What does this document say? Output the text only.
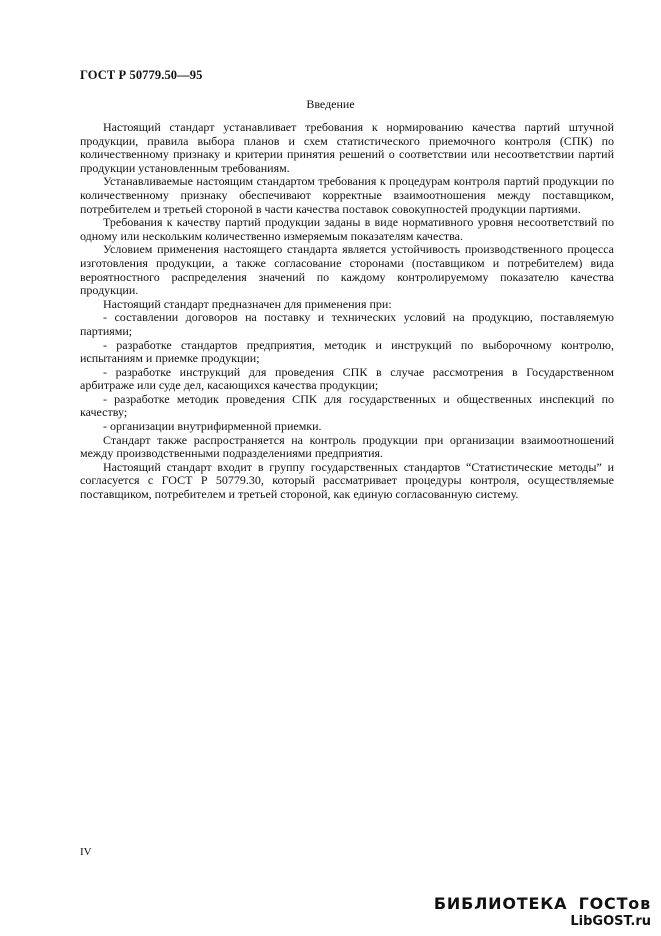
ГОСТ Р 50779.50—95
Введение

Настоящий стандарт устанавливает требования к нормированию качества партий штучной продукции, правила выбора планов и схем статистического приемочного контроля (СПК) по количественному признаку и критерии принятия решений о соответствии или несоответствии партий продукции установленным требованиям.

Устанавливаемые настоящим стандартом требования к процедурам контроля партий продукции по количественному признаку обеспечивают корректные взаимоотношения между поставщиком, потребителем и третьей стороной в части качества поставок совокупностей продукции партиями.

Требования к качеству партий продукции заданы в виде нормативного уровня несоответствий по одному или нескольким количественно измеряемым показателям качества.

Условием применения настоящего стандарта является устойчивость производственного процесса изготовления продукции, а также согласование сторонами (поставщиком и потребителем) вида вероятностного распределения значений по каждому контролируемому показателю качества продукции.

Настоящий стандарт предназначен для применения при:

- составлении договоров на поставку и технических условий на продукцию, поставляемую партиями;

- разработке стандартов предприятия, методик и инструкций по выборочному контролю, испытаниям и приемке продукции;

- разработке инструкций для проведения СПК в случае рассмотрения в Государственном арбитраже или суде дел, касающихся качества продукции;

- разработке методик проведения СПК для государственных и общественных инспекций по качеству;

- организации внутрифирменной приемки.

Стандарт также распространяется на контроль продукции при организации взаимоотношений между производственными подразделениями предприятия.

Настоящий стандарт входит в группу государственных стандартов “Статистические методы” и согласуется с ГОСТ Р 50779.30, который рассматривает процедуры контроля, осуществляемые поставщиком, потребителем и третьей стороной, как единую согласованную систему.

IV
БИБЛИОТЕКА ГОСТов
LibGOST.ru
